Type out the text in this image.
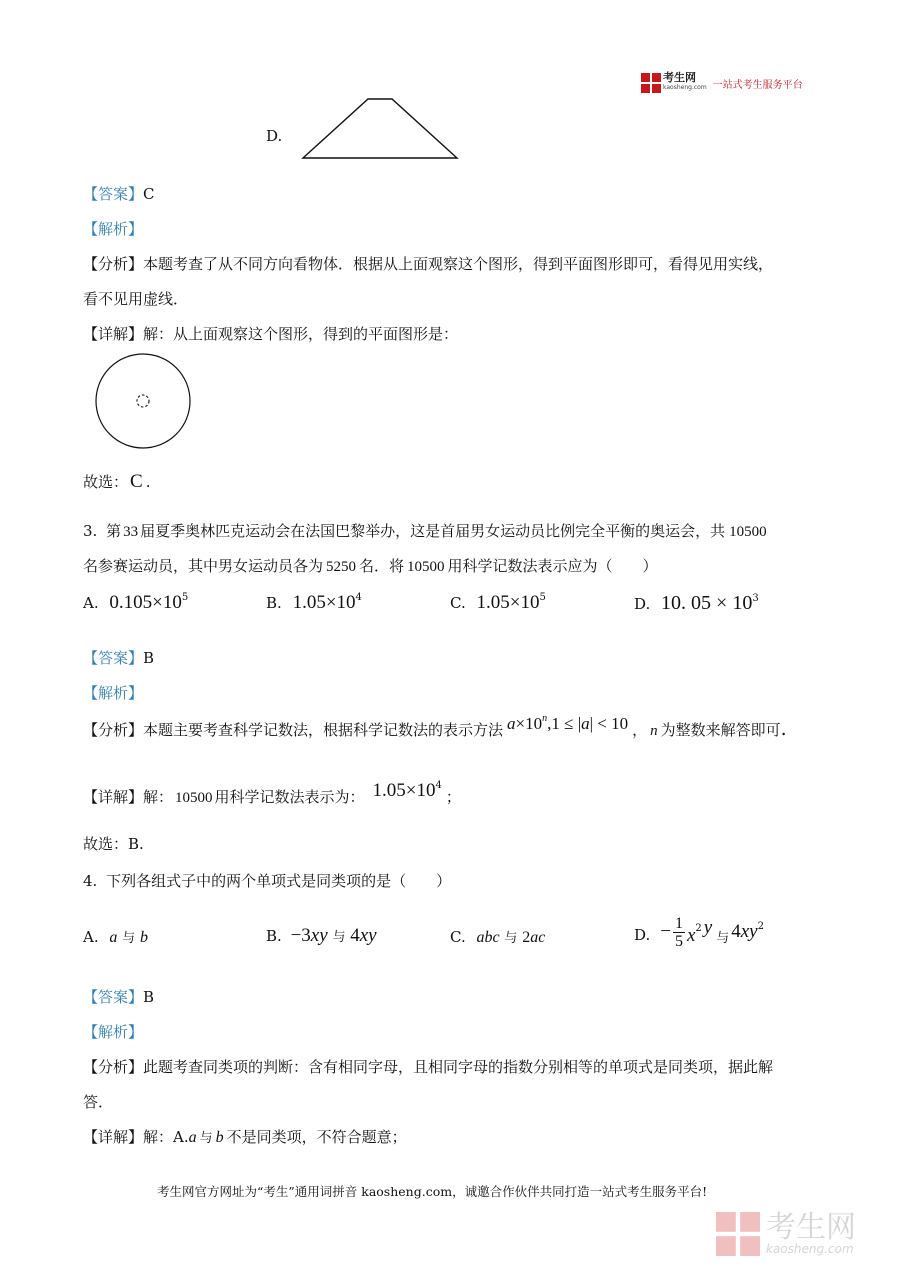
考生网
kaosheng.com 一站式考生服务平台
D.
【答案】C
【解析】
【分析】本题考查了从不同方向看物体．根据从上面观察这个图形，得到平面图形即可，看得见用实线，
看不见用虚线．
【详解】解：从上面观察这个图形，得到的平面图形是：
故选： C .
3. 第 33 届夏季奥林匹克运动会在法国巴黎举办，这是首届男女运动员比例完全平衡的奥运会，共 10500
名参赛运动员，其中男女运动员各为 5250 名．将 10500 用科学记数法表示应为（　　）
A. $0.105\times 10^5$	B. $1.05\times 10^4$	C. $1.05\times 10^5$	D. 10. $05 \times 10^3$
【答案】B
【解析】
【分析】本题主要考查科学记数法，根据科学记数法的表示方法 $a\times 10^n,1 \le |a| < 10$ ， n 为整数来解答即可.
【详解】解： 10500 用科学记数法表示为： $1.05\times 10^4$；
故选：B.
4. 下列各组式子中的两个单项式是同类项的是（　　）
A. a 与 b	B. −3xy 与 4xy	C. abc 与 2ac	D. − $\frac{1}{5}$ x 2 y 与 4 xy 2
【答案】B
【解析】
【分析】此题考查同类项的判断：含有相同字母，且相同字母的指数分别相等的单项式是同类项，据此解
答．
【详解】解：A.a 与 b 不是同类项，不符合题意；
考生网官方网址为“考生”通用词拼音 kaosheng.com，诚邀合作伙伴共同打造一站式考生服务平台!
考生网
kaosheng.com
